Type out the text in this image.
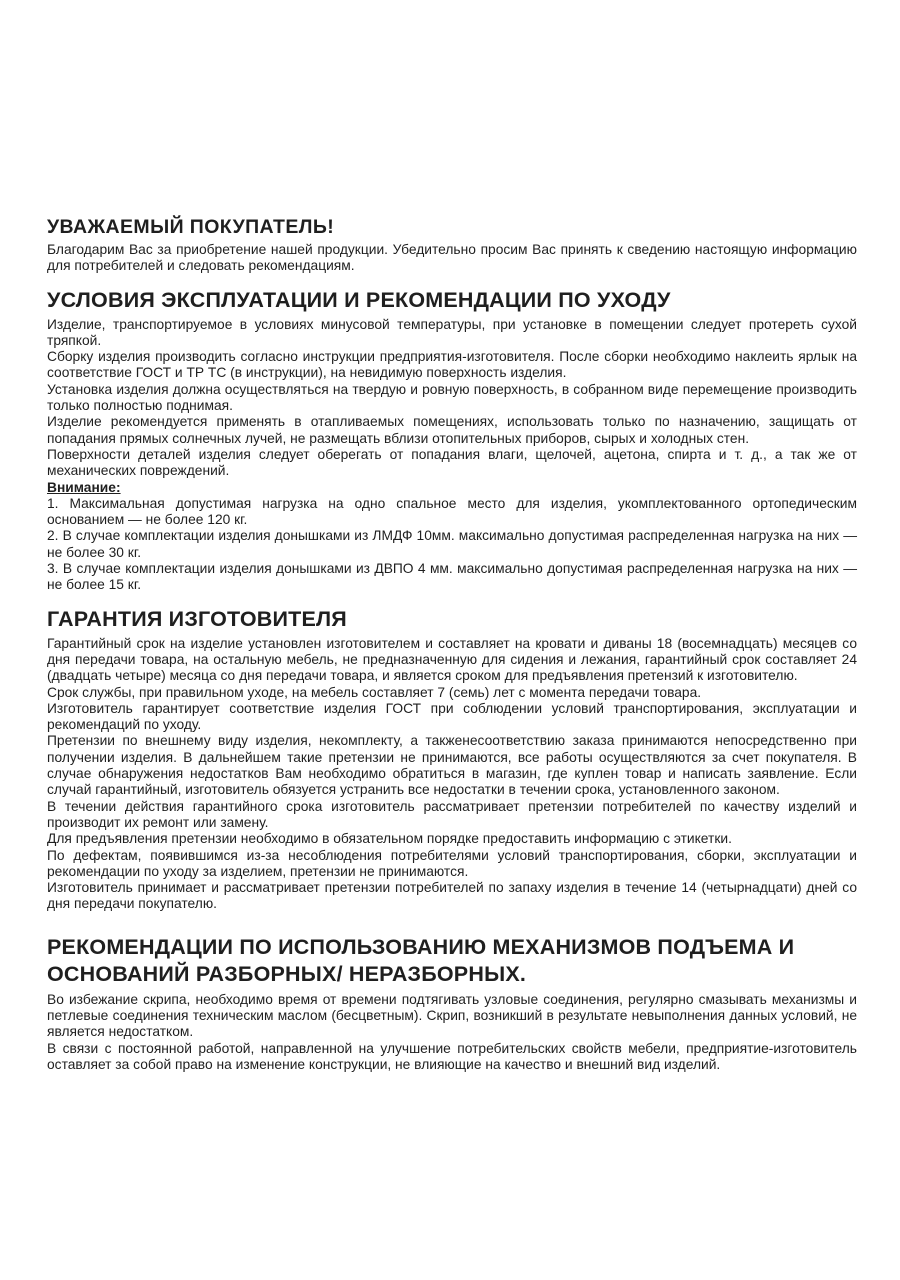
УВАЖАЕМЫЙ ПОКУПАТЕЛЬ!

Благодарим Вас за приобретение нашей продукции. Убедительно просим Вас принять к сведению настоящую информацию для потребителей и следовать рекомендациям.

УСЛОВИЯ ЭКСПЛУАТАЦИИ И РЕКОМЕНДАЦИИ ПО УХОДУ

Изделие, транспортируемое в условиях минусовой температуры, при установке в помещении следует протереть сухой тряпкой.

Сборку изделия производить согласно инструкции предприятия-изготовителя. После сборки необходимо наклеить ярлык на соответствие ГОСТ и ТР ТС (в инструкции), на невидимую поверхность изделия.

Установка изделия должна осуществляться на твердую и ровную поверхность, в собранном виде перемещение производить только полностью поднимая.

Изделие рекомендуется применять в отапливаемых помещениях, использовать только по назначению, защищать от попадания прямых солнечных лучей, не размещать вблизи отопительных приборов, сырых и холодных стен.

Поверхности деталей изделия следует оберегать от попадания влаги, щелочей, ацетона, спирта и т. д., а так же от механических повреждений.

Внимание:

1. Максимальная допустимая нагрузка на одно спальное место для изделия, укомплектованного ортопедическим основанием — не более 120 кг.

2. В случае комплектации изделия донышками из ЛМДФ 10мм. максимально допустимая распределенная нагрузка на них — не более 30 кг.

3. В случае комплектации изделия донышками из ДВПО 4 мм. максимально допустимая распределенная нагрузка на них — не более 15 кг.

ГАРАНТИЯ ИЗГОТОВИТЕЛЯ

Гарантийный срок на изделие установлен изготовителем и составляет на кровати и диваны 18 (восемнадцать) месяцев со дня передачи товара, на остальную мебель, не предназначенную для сидения и лежания, гарантийный срок составляет 24 (двадцать четыре) месяца со дня передачи товара, и является сроком для предъявления претензий к изготовителю.

Срок службы, при правильном уходе, на мебель составляет 7 (семь) лет с момента передачи товара.

Изготовитель гарантирует соответствие изделия ГОСТ при соблюдении условий транспортирования, эксплуатации и рекомендаций по уходу.

Претензии по внешнему виду изделия, некомплекту, а такженесоответствию заказа принимаются непосредственно при получении изделия. В дальнейшем такие претензии не принимаются, все работы осуществляются за счет покупателя. В случае обнаружения недостатков Вам необходимо обратиться в магазин, где куплен товар и написать заявление. Если случай гарантийный, изготовитель обязуется устранить все недостатки в течении срока, установленного законом.

В течении действия гарантийного срока изготовитель рассматривает претензии потребителей по качеству изделий и производит их ремонт или замену.

Для предъявления претензии необходимо в обязательном порядке предоставить информацию с этикетки.

По дефектам, появившимся из-за несоблюдения потребителями условий транспортирования, сборки, эксплуатации и рекомендации по уходу за изделием, претензии не принимаются.

Изготовитель принимает и рассматривает претензии потребителей по запаху изделия в течение 14 (четырнадцати) дней со дня передачи покупателю.

РЕКОМЕНДАЦИИ ПО ИСПОЛЬЗОВАНИЮ МЕХАНИЗМОВ ПОДЪЕМА И ОСНОВАНИЙ РАЗБОРНЫХ/ НЕРАЗБОРНЫХ.

Во избежание скрипа, необходимо время от времени подтягивать узловые соединения, регулярно смазывать механизмы и петлевые соединения техническим маслом (бесцветным). Скрип, возникший в результате невыполнения данных условий, не является недостатком.

В связи с постоянной работой, направленной на улучшение потребительских свойств мебели, предприятие-изготовитель оставляет за собой право на изменение конструкции, не влияющие на качество и внешний вид изделий.
